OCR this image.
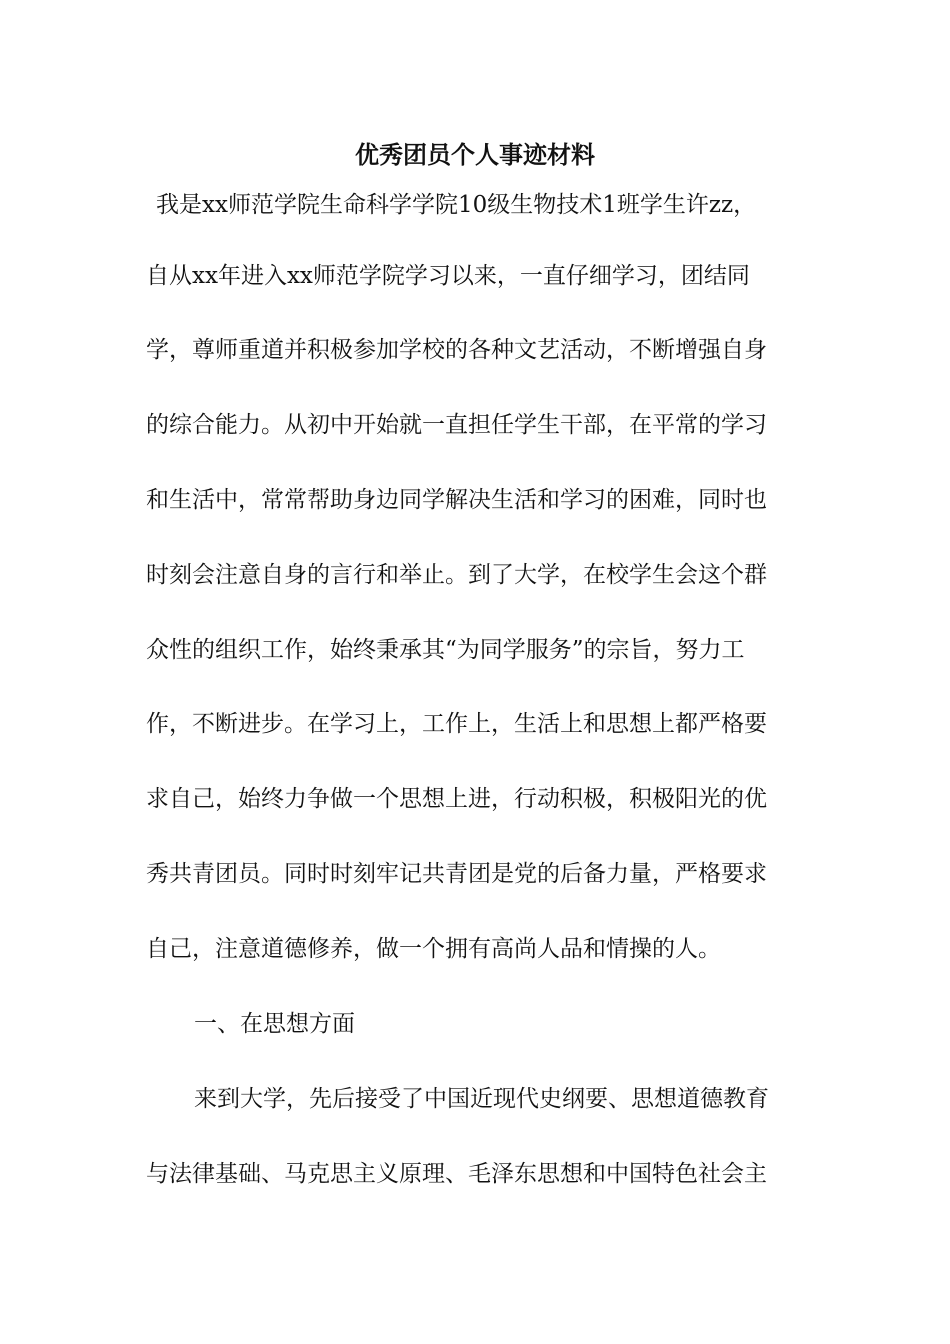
优秀团员个人事迹材料
我是xx师范学院生命科学学院10级生物技术1班学生许zz，
自从xx年进入xx师范学院学习以来，一直仔细学习，团结同
学，尊师重道并积极参加学校的各种文艺活动，不断增强自身
的综合能力。从初中开始就一直担任学生干部，在平常的学习
和生活中，常常帮助身边同学解决生活和学习的困难，同时也
时刻会注意自身的言行和举止。到了大学，在校学生会这个群
众性的组织工作，始终秉承其“为同学服务”的宗旨，努力工
作，不断进步。在学习上，工作上，生活上和思想上都严格要
求自己，始终力争做一个思想上进，行动积极，积极阳光的优
秀共青团员。同时时刻牢记共青团是党的后备力量，严格要求
自己，注意道德修养，做一个拥有高尚人品和情操的人。
一、在思想方面
来到大学，先后接受了中国近现代史纲要、思想道德教育
与法律基础、马克思主义原理、毛泽东思想和中国特色社会主
